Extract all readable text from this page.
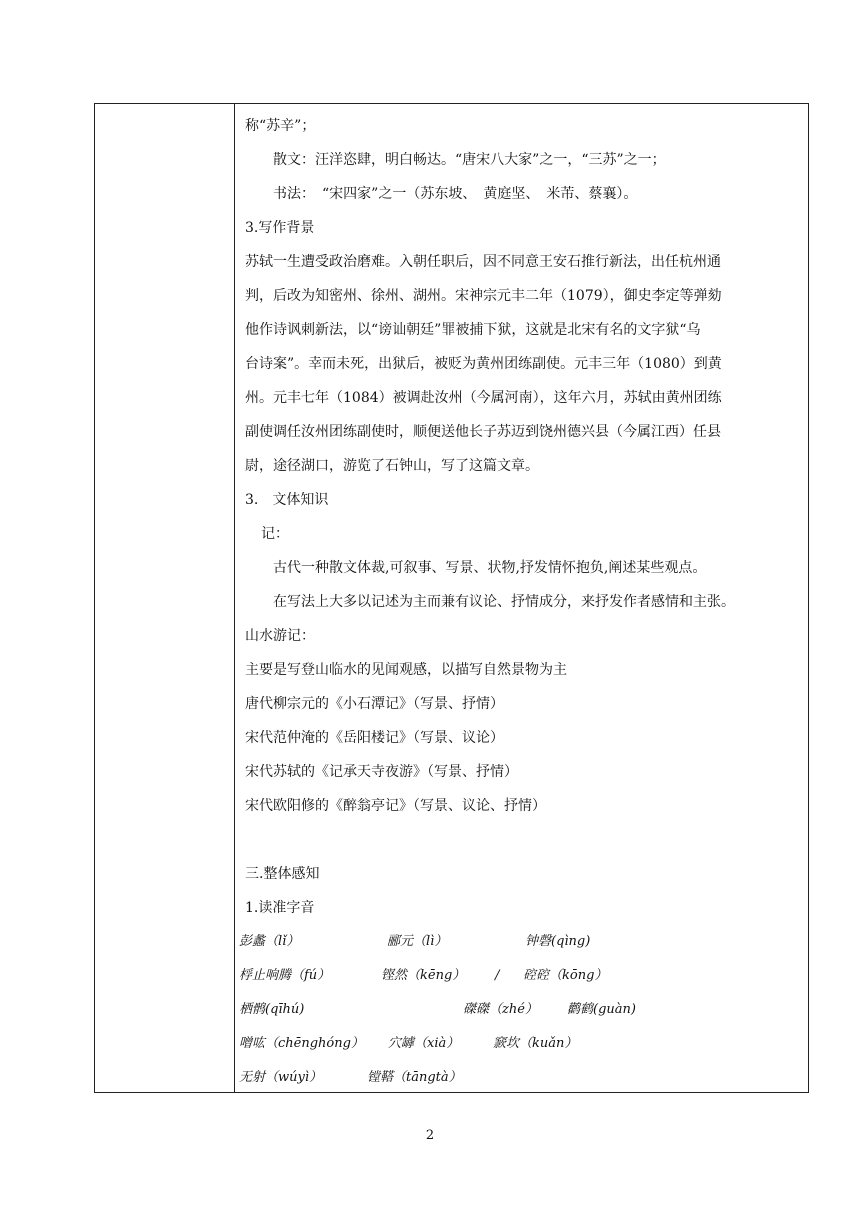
称“苏辛”；
散文：汪洋恣肆，明白畅达。“唐宋八大家”之一，“三苏”之一；
书法：　“宋四家”之一（苏东坡、　黄庭坚、　米芾、蔡襄）。
3.写作背景
苏轼一生遭受政治磨难。入朝任职后，因不同意王安石推行新法，出任杭州通
判，后改为知密州、徐州、湖州。宋神宗元丰二年（1079），御史李定等弹劾
他作诗讽刺新法，以“谤讪朝廷”罪被捕下狱，这就是北宋有名的文字狱“乌
台诗案”。幸而未死，出狱后，被贬为黄州团练副使。元丰三年（1080）到黄
州。元丰七年（1084）被调赴汝州（今属河南），这年六月，苏轼由黄州团练
副使调任汝州团练副使时，顺便送他长子苏迈到饶州德兴县（今属江西）任县
尉，途径湖口，游览了石钟山，写了这篇文章。
3.　文体知识
记：
古代一种散文体裁,可叙事、写景、状物,抒发情怀抱负,阐述某些观点。
在写法上大多以记述为主而兼有议论、抒情成分，来抒发作者感情和主张。
山水游记：
主要是写登山临水的见闻观感，以描写自然景物为主
唐代柳宗元的《小石潭记》（写景、抒情）
宋代范仲淹的《岳阳楼记》（写景、议论）
宋代苏轼的《记承天寺夜游》（写景、抒情）
宋代欧阳修的《醉翁亭记》（写景、议论、抒情）
三.整体感知
1.读准字音
彭蠡（lǐ）	郦元（lì）	钟磬(qìng)
桴止响腾（fú）	铿然（kēng） / 硿硿（kōng）
栖鹘(qīhú)	磔磔（zhé） 鹳鹤(guàn)
噌吰（chēnghóng） 穴罅（xià）	窾坎（kuǎn）
无射（wúyì）	镗鞳（tāngtà）
2
